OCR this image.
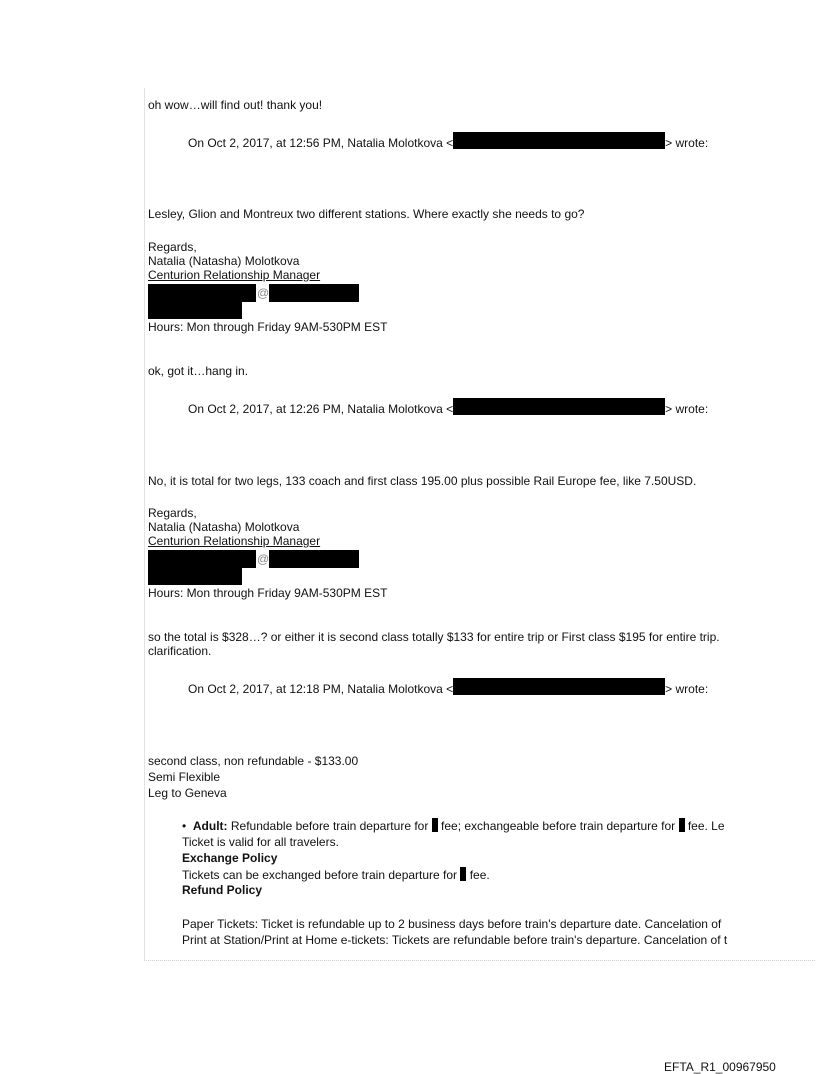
oh wow…will find out! thank you!
On Oct 2, 2017, at 12:56 PM, Natalia Molotkova <	> wrote:
Lesley, Glion and Montreux two different stations. Where exactly she needs to go?
Regards,
Natalia (Natasha) Molotkova
Centurion Relationship Manager
@
Hours: Mon through Friday 9AM-530PM EST
ok, got it…hang in.
On Oct 2, 2017, at 12:26 PM, Natalia Molotkova <	> wrote:
No, it is total for two legs, 133 coach and first class 195.00 plus possible Rail Europe fee, like 7.50USD.
Regards,
Natalia (Natasha) Molotkova
Centurion Relationship Manager
@
Hours: Mon through Friday 9AM-530PM EST
so the total is $328…? or either it is second class totally $133 for entire trip or First class $195 for entire trip.
clarification.
On Oct 2, 2017, at 12:18 PM, Natalia Molotkova <	> wrote:
second class, non refundable - $133.00
Semi Flexible
Leg to Geneva
• Adult: Refundable before train departure for  fee; exchangeable before train departure for  fee. Le
Ticket is valid for all travelers.
Exchange Policy
Tickets can be exchanged before train departure for  fee.
Refund Policy
Paper Tickets: Ticket is refundable up to 2 business days before train's departure date. Cancelation of
Print at Station/Print at Home e-tickets: Tickets are refundable before train's departure. Cancelation of t
EFTA_R1_00967950
